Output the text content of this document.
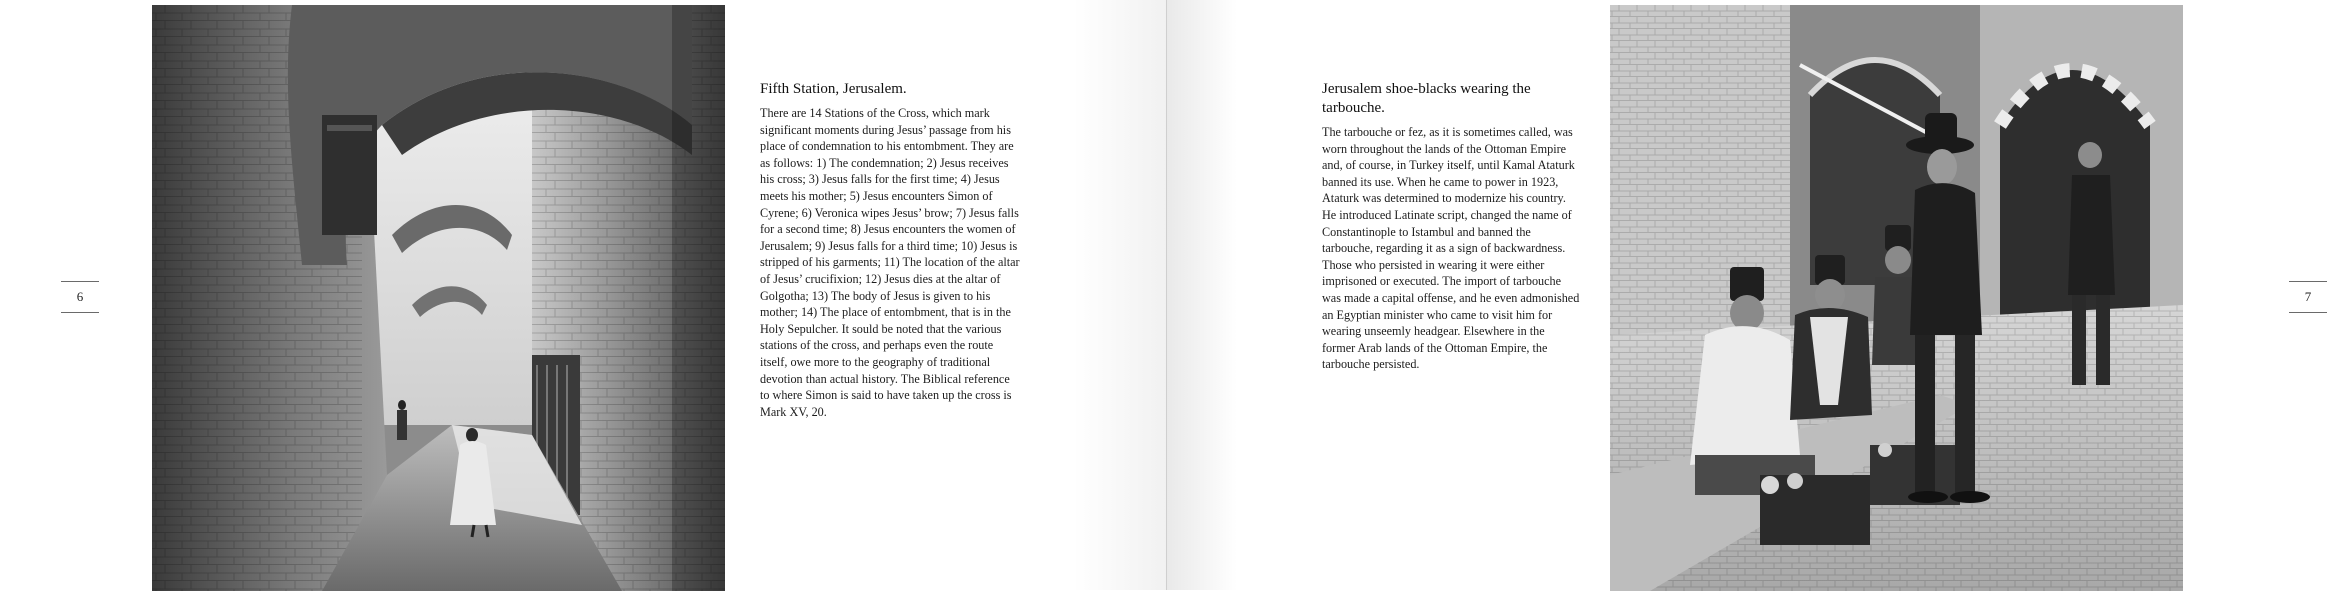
6
Fifth Station, Jerusalem.

There are 14 Stations of the Cross, which mark significant moments during Jesus’ passage from his place of condemnation to his entombment. They are as follows: 1) The condemnation; 2) Jesus receives his cross; 3) Jesus falls for the first time; 4) Jesus meets his mother; 5) Jesus encounters Simon of Cyrene; 6) Veronica wipes Jesus’ brow; 7) Jesus falls for a second time; 8) Jesus encounters the women of Jerusalem; 9) Jesus falls for a third time; 10) Jesus is stripped of his garments; 11) The location of the altar of Jesus’ crucifixion; 12) Jesus dies at the altar of Golgotha; 13) The body of Jesus is given to his mother; 14) The place of entombment, that is in the Holy Sepulcher. It sould be noted that the various stations of the cross, and perhaps even the route itself, owe more to the geography of traditional devotion than actual history. The Biblical reference to where Simon is said to have taken up the cross is Mark XV, 20.

Jerusalem shoe-blacks wearing the tarbouche.

The tarbouche or fez, as it is sometimes called, was worn throughout the lands of the Ottoman Empire and, of course, in Turkey itself, until Kamal Ataturk banned its use. When he came to power in 1923, Ataturk was determined to modernize his country. He introduced Latinate script, changed the name of Constantinople to Istambul and banned the tarbouche, regarding it as a sign of backwardness. Those who persisted in wearing it were either imprisoned or executed. The import of tarbouche was made a capital offense, and he even admonished an Egyptian minister who came to visit him for wearing unseemly headgear. Elsewhere in the former Arab lands of the Ottoman Empire, the tarbouche persisted.

7
